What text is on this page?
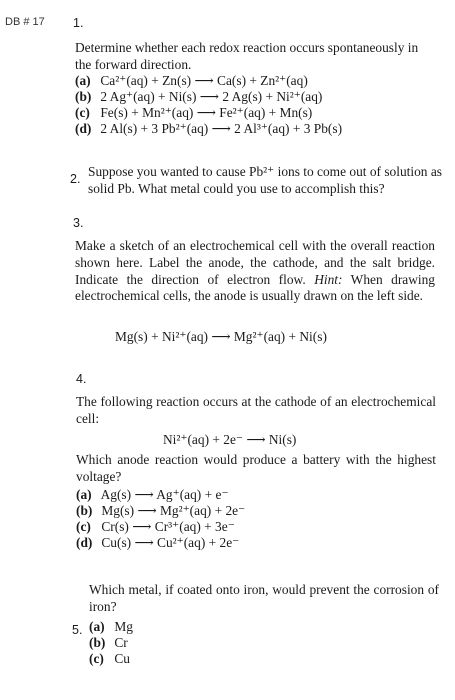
DB # 17 1.
Determine whether each redox reaction occurs spontaneously in the forward direction.
(a) Ca²⁺(aq) + Zn(s) ⟶ Ca(s) + Zn²⁺(aq)
(b) 2 Ag⁺(aq) + Ni(s) ⟶ 2 Ag(s) + Ni²⁺(aq)
(c) Fe(s) + Mn²⁺(aq) ⟶ Fe²⁺(aq) + Mn(s)
(d) 2 Al(s) + 3 Pb²⁺(aq) ⟶ 2 Al³⁺(aq) + 3 Pb(s)
2. Suppose you wanted to cause Pb²⁺ ions to come out of solution as solid Pb. What metal could you use to accomplish this?
3.
Make a sketch of an electrochemical cell with the overall reaction shown here. Label the anode, the cathode, and the salt bridge. Indicate the direction of electron flow. Hint: When drawing electrochemical cells, the anode is usually drawn on the left side.
Mg(s) + Ni²⁺(aq) ⟶ Mg²⁺(aq) + Ni(s)
4.
The following reaction occurs at the cathode of an electrochemical cell:
Ni²⁺(aq) + 2e⁻ ⟶ Ni(s)
Which anode reaction would produce a battery with the highest voltage?
(a) Ag(s) ⟶ Ag⁺(aq) + e⁻
(b) Mg(s) ⟶ Mg²⁺(aq) + 2e⁻
(c) Cr(s) ⟶ Cr³⁺(aq) + 3e⁻
(d) Cu(s) ⟶ Cu²⁺(aq) + 2e⁻
Which metal, if coated onto iron, would prevent the corrosion of iron?
5. (a) Mg
(b) Cr
(c) Cu
